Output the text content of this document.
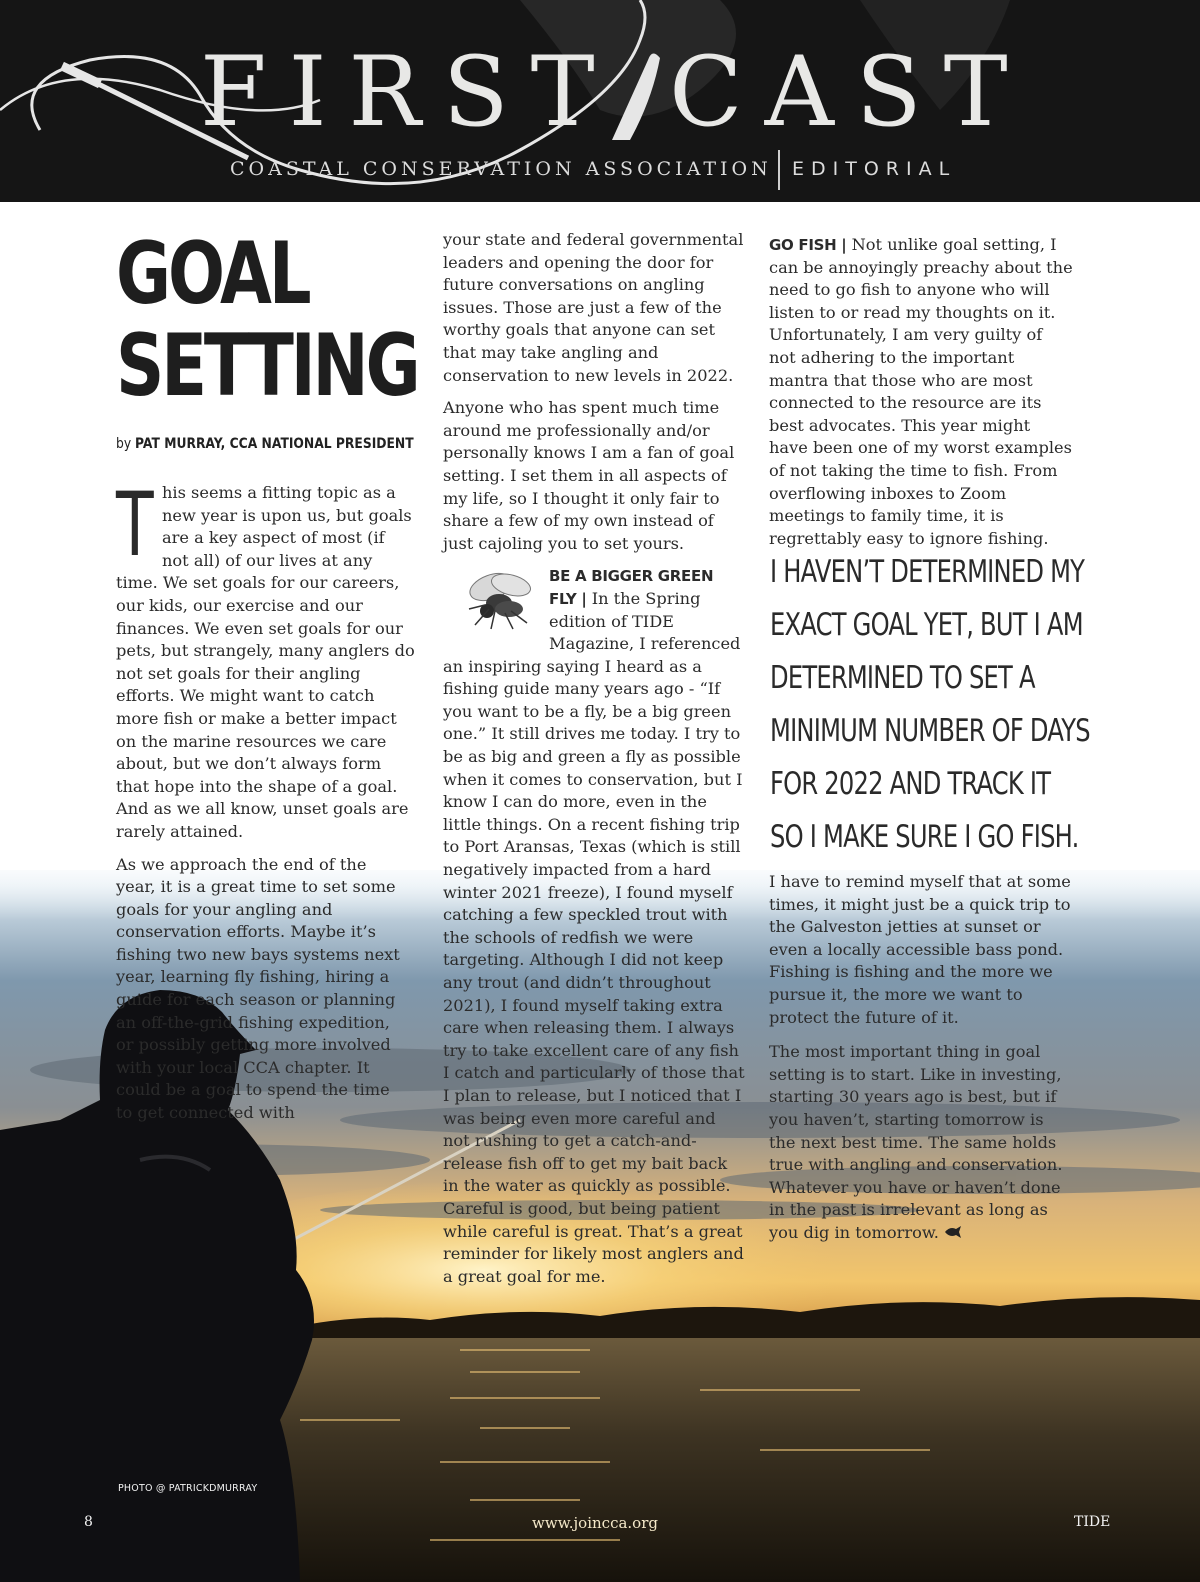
FIRST CAST
COASTAL CONSERVATION ASSOCIATION EDITORIAL
GOAL
SETTING
by PAT MURRAY, CCA NATIONAL PRESIDENT

This seems a fitting topic as a new year is upon us, but goals are a key aspect of most (if not all) of our lives at any time. We set goals for our careers, our kids, our exercise and our finances. We even set goals for our pets, but strangely, many anglers do not set goals for their angling efforts. We might want to catch more fish or make a better impact on the marine resources we care about, but we don’t always form that hope into the shape of a goal. And as we all know, unset goals are rarely attained.

As we approach the end of the year, it is a great time to set some goals for your angling and conservation efforts. Maybe it’s fishing two new bays systems next year, learning fly fishing, hiring a guide for each season or planning an off-the-grid fishing expedition, or possibly getting more involved with your local CCA chapter. It could be a goal to spend the time to get connected with

your state and federal governmental leaders and opening the door for future conversations on angling issues. Those are just a few of the worthy goals that anyone can set that may take angling and conservation to new levels in 2022.

Anyone who has spent much time around me professionally and/or personally knows I am a fan of goal setting. I set them in all aspects of my life, so I thought it only fair to share a few of my own instead of just cajoling you to set yours.

BE A BIGGER GREEN FLY | In the Spring edition of TIDE Magazine, I referenced an inspiring saying I heard as a fishing guide many years ago - “If you want to be a fly, be a big green one.” It still drives me today. I try to be as big and green a fly as possible when it comes to conservation, but I know I can do more, even in the little things. On a recent fishing trip to Port Aransas, Texas (which is still negatively impacted from a hard winter 2021 freeze), I found myself catching a few speckled trout with the schools of redfish we were targeting. Although I did not keep any trout (and didn’t throughout 2021), I found myself taking extra care when releasing them. I always try to take excellent care of any fish I catch and particularly of those that I plan to release, but I noticed that I was being even more careful and not rushing to get a catch-and-release fish off to get my bait back in the water as quickly as possible. Careful is good, but being patient while careful is great. That’s a great reminder for likely most anglers and a great goal for me.

GO FISH | Not unlike goal setting, I can be annoyingly preachy about the need to go fish to anyone who will listen to or read my thoughts on it. Unfortunately, I am very guilty of not adhering to the important mantra that those who are most connected to the resource are its best advocates. This year might have been one of my worst examples of not taking the time to fish. From overflowing inboxes to Zoom meetings to family time, it is regrettably easy to ignore fishing.

I HAVEN’T DETERMINED MY EXACT GOAL YET, BUT I AM DETERMINED TO SET A MINIMUM NUMBER OF DAYS FOR 2022 AND TRACK IT SO I MAKE SURE I GO FISH.

I have to remind myself that at some times, it might just be a quick trip to the Galveston jetties at sunset or even a locally accessible bass pond. Fishing is fishing and the more we pursue it, the more we want to protect the future of it.

The most important thing in goal setting is to start. Like in investing, starting 30 years ago is best, but if you haven’t, starting tomorrow is the next best time. The same holds true with angling and conservation. Whatever you have or haven’t done in the past is irrelevant as long as you dig in tomorrow.

PHOTO @ PATRICKDMURRAY
8	www.joincca.org	TIDE
